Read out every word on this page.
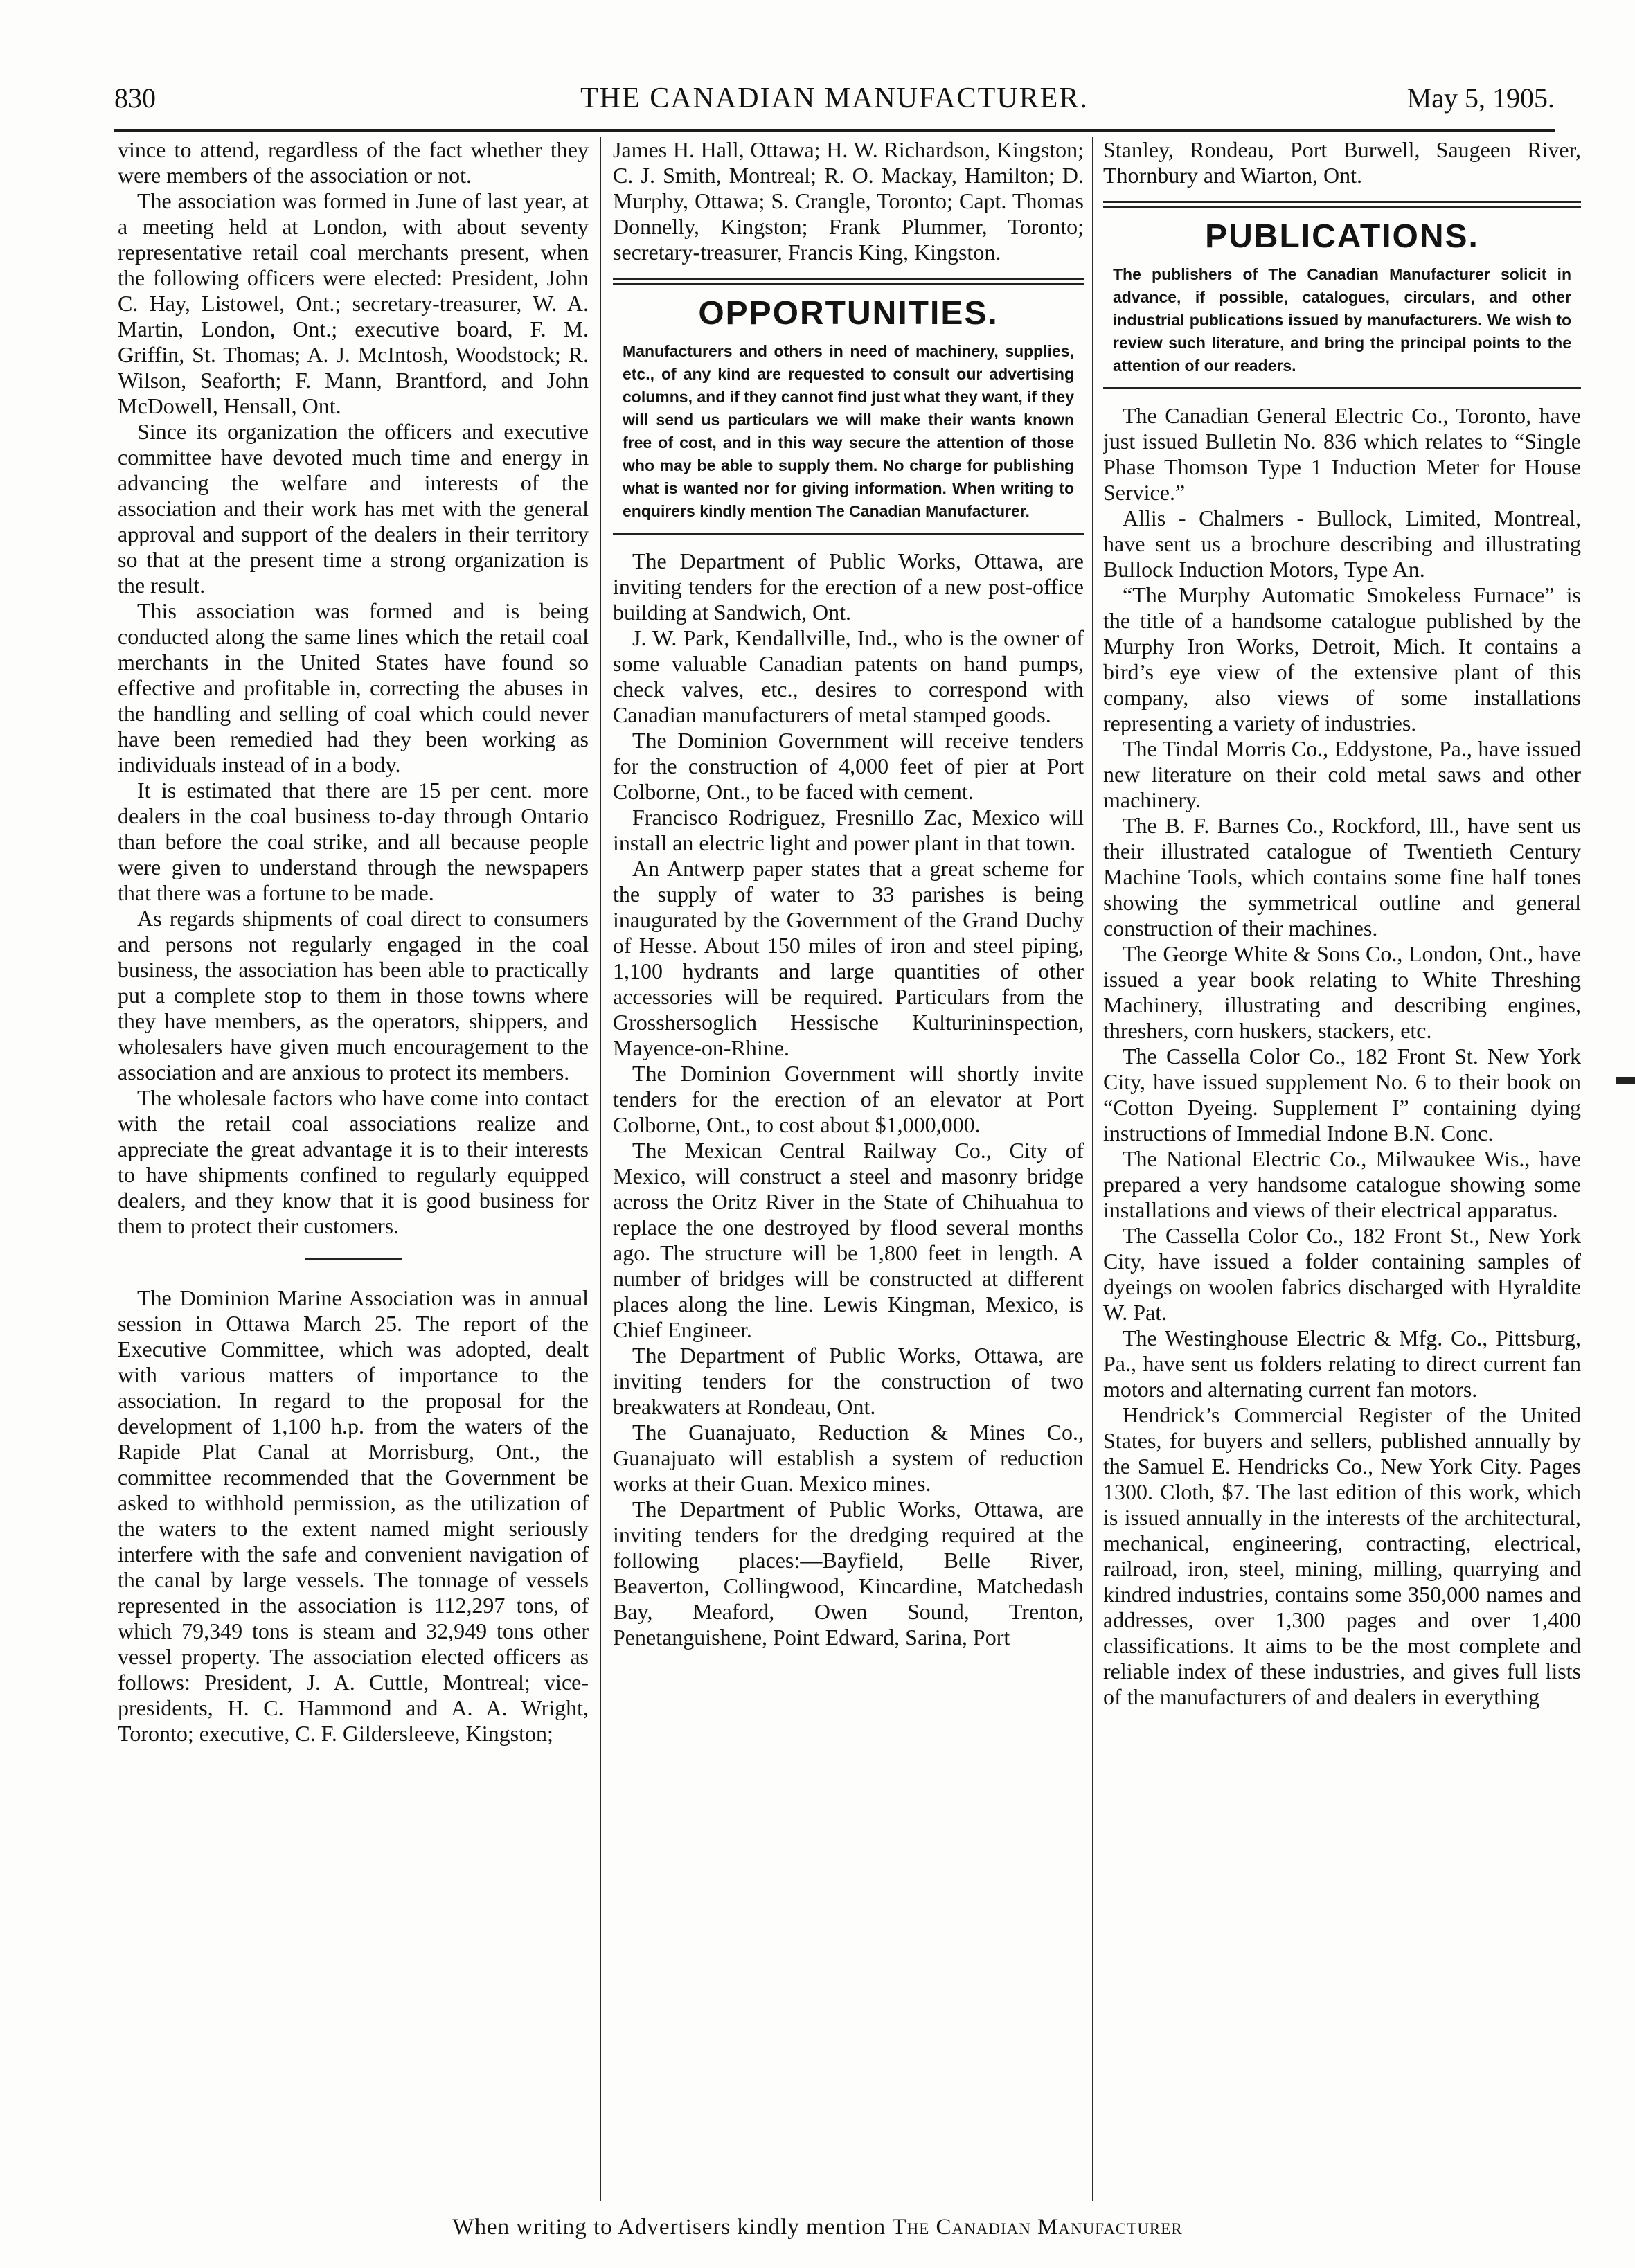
830	THE CANADIAN MANUFACTURER.	May 5, 1905.

vince to attend, regardless of the fact whether they were members of the association or not.

The association was formed in June of last year, at a meeting held at London, with about seventy representative retail coal merchants present, when the following officers were elected: President, John C. Hay, Listowel, Ont.; secretary-treasurer, W. A. Martin, London, Ont.; executive board, F. M. Griffin, St. Thomas; A. J. McIntosh, Woodstock; R. Wilson, Seaforth; F. Mann, Brantford, and John McDowell, Hensall, Ont.

Since its organization the officers and executive committee have devoted much time and energy in advancing the welfare and interests of the association and their work has met with the general approval and support of the dealers in their territory so that at the present time a strong organization is the result.

This association was formed and is being conducted along the same lines which the retail coal merchants in the United States have found so effective and profitable in, correcting the abuses in the handling and selling of coal which could never have been remedied had they been working as individuals instead of in a body.

It is estimated that there are 15 per cent. more dealers in the coal business to-day through Ontario than before the coal strike, and all because people were given to understand through the newspapers that there was a fortune to be made.

As regards shipments of coal direct to consumers and persons not regularly engaged in the coal business, the association has been able to practically put a complete stop to them in those towns where they have members, as the operators, shippers, and wholesalers have given much encouragement to the association and are anxious to protect its members.

The wholesale factors who have come into contact with the retail coal associations realize and appreciate the great advantage it is to their interests to have shipments confined to regularly equipped dealers, and they know that it is good business for them to protect their customers.

The Dominion Marine Association was in annual session in Ottawa March 25. The report of the Executive Committee, which was adopted, dealt with various matters of importance to the association. In regard to the proposal for the development of 1,100 h.p. from the waters of the Rapide Plat Canal at Morrisburg, Ont., the committee recommended that the Government be asked to withhold permission, as the utilization of the waters to the extent named might seriously interfere with the safe and convenient navigation of the canal by large vessels. The tonnage of vessels represented in the association is 112,297 tons, of which 79,349 tons is steam and 32,949 tons other vessel property. The association elected officers as follows: President, J. A. Cuttle, Montreal; vice-presidents, H. C. Hammond and A. A. Wright, Toronto; executive, C. F. Gildersleeve, Kingston;

James H. Hall, Ottawa; H. W. Richardson, Kingston; C. J. Smith, Montreal; R. O. Mackay, Hamilton; D. Murphy, Ottawa; S. Crangle, Toronto; Capt. Thomas Donnelly, Kingston; Frank Plummer, Toronto; secretary-treasurer, Francis King, Kingston.

OPPORTUNITIES.
Manufacturers and others in need of machinery, supplies, etc., of any kind are requested to consult our advertising columns, and if they cannot find just what they want, if they will send us particulars we will make their wants known free of cost, and in this way secure the attention of those who may be able to supply them. No charge for publishing what is wanted nor for giving information. When writing to enquirers kindly mention The Canadian Manufacturer.

The Department of Public Works, Ottawa, are inviting tenders for the erection of a new post-office building at Sandwich, Ont.

J. W. Park, Kendallville, Ind., who is the owner of some valuable Canadian patents on hand pumps, check valves, etc., desires to correspond with Canadian manufacturers of metal stamped goods.

The Dominion Government will receive tenders for the construction of 4,000 feet of pier at Port Colborne, Ont., to be faced with cement.

Francisco Rodriguez, Fresnillo Zac, Mexico will install an electric light and power plant in that town.

An Antwerp paper states that a great scheme for the supply of water to 33 parishes is being inaugurated by the Government of the Grand Duchy of Hesse. About 150 miles of iron and steel piping, 1,100 hydrants and large quantities of other accessories will be required. Particulars from the Grosshersoglich Hessische Kulturininspection, Mayence-on-Rhine.

The Dominion Government will shortly invite tenders for the erection of an elevator at Port Colborne, Ont., to cost about $1,000,000.

The Mexican Central Railway Co., City of Mexico, will construct a steel and masonry bridge across the Oritz River in the State of Chihuahua to replace the one destroyed by flood several months ago. The structure will be 1,800 feet in length. A number of bridges will be constructed at different places along the line. Lewis Kingman, Mexico, is Chief Engineer.

The Department of Public Works, Ottawa, are inviting tenders for the construction of two breakwaters at Rondeau, Ont.

The Guanajuato, Reduction & Mines Co., Guanajuato will establish a system of reduction works at their Guan. Mexico mines.

The Department of Public Works, Ottawa, are inviting tenders for the dredging required at the following places:—Bayfield, Belle River, Beaverton, Collingwood, Kincardine, Matchedash Bay, Meaford, Owen Sound, Trenton, Penetanguishene, Point Edward, Sarina, Port

Stanley, Rondeau, Port Burwell, Saugeen River, Thornbury and Wiarton, Ont.

PUBLICATIONS.
The publishers of The Canadian Manufacturer solicit in advance, if possible, catalogues, circulars, and other industrial publications issued by manufacturers. We wish to review such literature, and bring the principal points to the attention of our readers.

The Canadian General Electric Co., Toronto, have just issued Bulletin No. 836 which relates to “Single Phase Thomson Type 1 Induction Meter for House Service.”

Allis - Chalmers - Bullock, Limited, Montreal, have sent us a brochure describing and illustrating Bullock Induction Motors, Type An.

“The Murphy Automatic Smokeless Furnace” is the title of a handsome catalogue published by the Murphy Iron Works, Detroit, Mich. It contains a bird’s eye view of the extensive plant of this company, also views of some installations representing a variety of industries.

The Tindal Morris Co., Eddystone, Pa., have issued new literature on their cold metal saws and other machinery.

The B. F. Barnes Co., Rockford, Ill., have sent us their illustrated catalogue of Twentieth Century Machine Tools, which contains some fine half tones showing the symmetrical outline and general construction of their machines.

The George White & Sons Co., London, Ont., have issued a year book relating to White Threshing Machinery, illustrating and describing engines, threshers, corn huskers, stackers, etc.

The Cassella Color Co., 182 Front St. New York City, have issued supplement No. 6 to their book on “Cotton Dyeing. Supplement I” containing dying instructions of Immedial Indone B.N. Conc.

The National Electric Co., Milwaukee Wis., have prepared a very handsome catalogue showing some installations and views of their electrical apparatus.

The Cassella Color Co., 182 Front St., New York City, have issued a folder containing samples of dyeings on woolen fabrics discharged with Hyraldite W. Pat.

The Westinghouse Electric & Mfg. Co., Pittsburg, Pa., have sent us folders relating to direct current fan motors and alternating current fan motors.

Hendrick’s Commercial Register of the United States, for buyers and sellers, published annually by the Samuel E. Hendricks Co., New York City. Pages 1300. Cloth, $7. The last edition of this work, which is issued annually in the interests of the architectural, mechanical, engineering, contracting, electrical, railroad, iron, steel, mining, milling, quarrying and kindred industries, contains some 350,000 names and addresses, over 1,300 pages and over 1,400 classifications. It aims to be the most complete and reliable index of these industries, and gives full lists of the manufacturers of and dealers in everything

When writing to Advertisers kindly mention The Canadian Manufacturer
